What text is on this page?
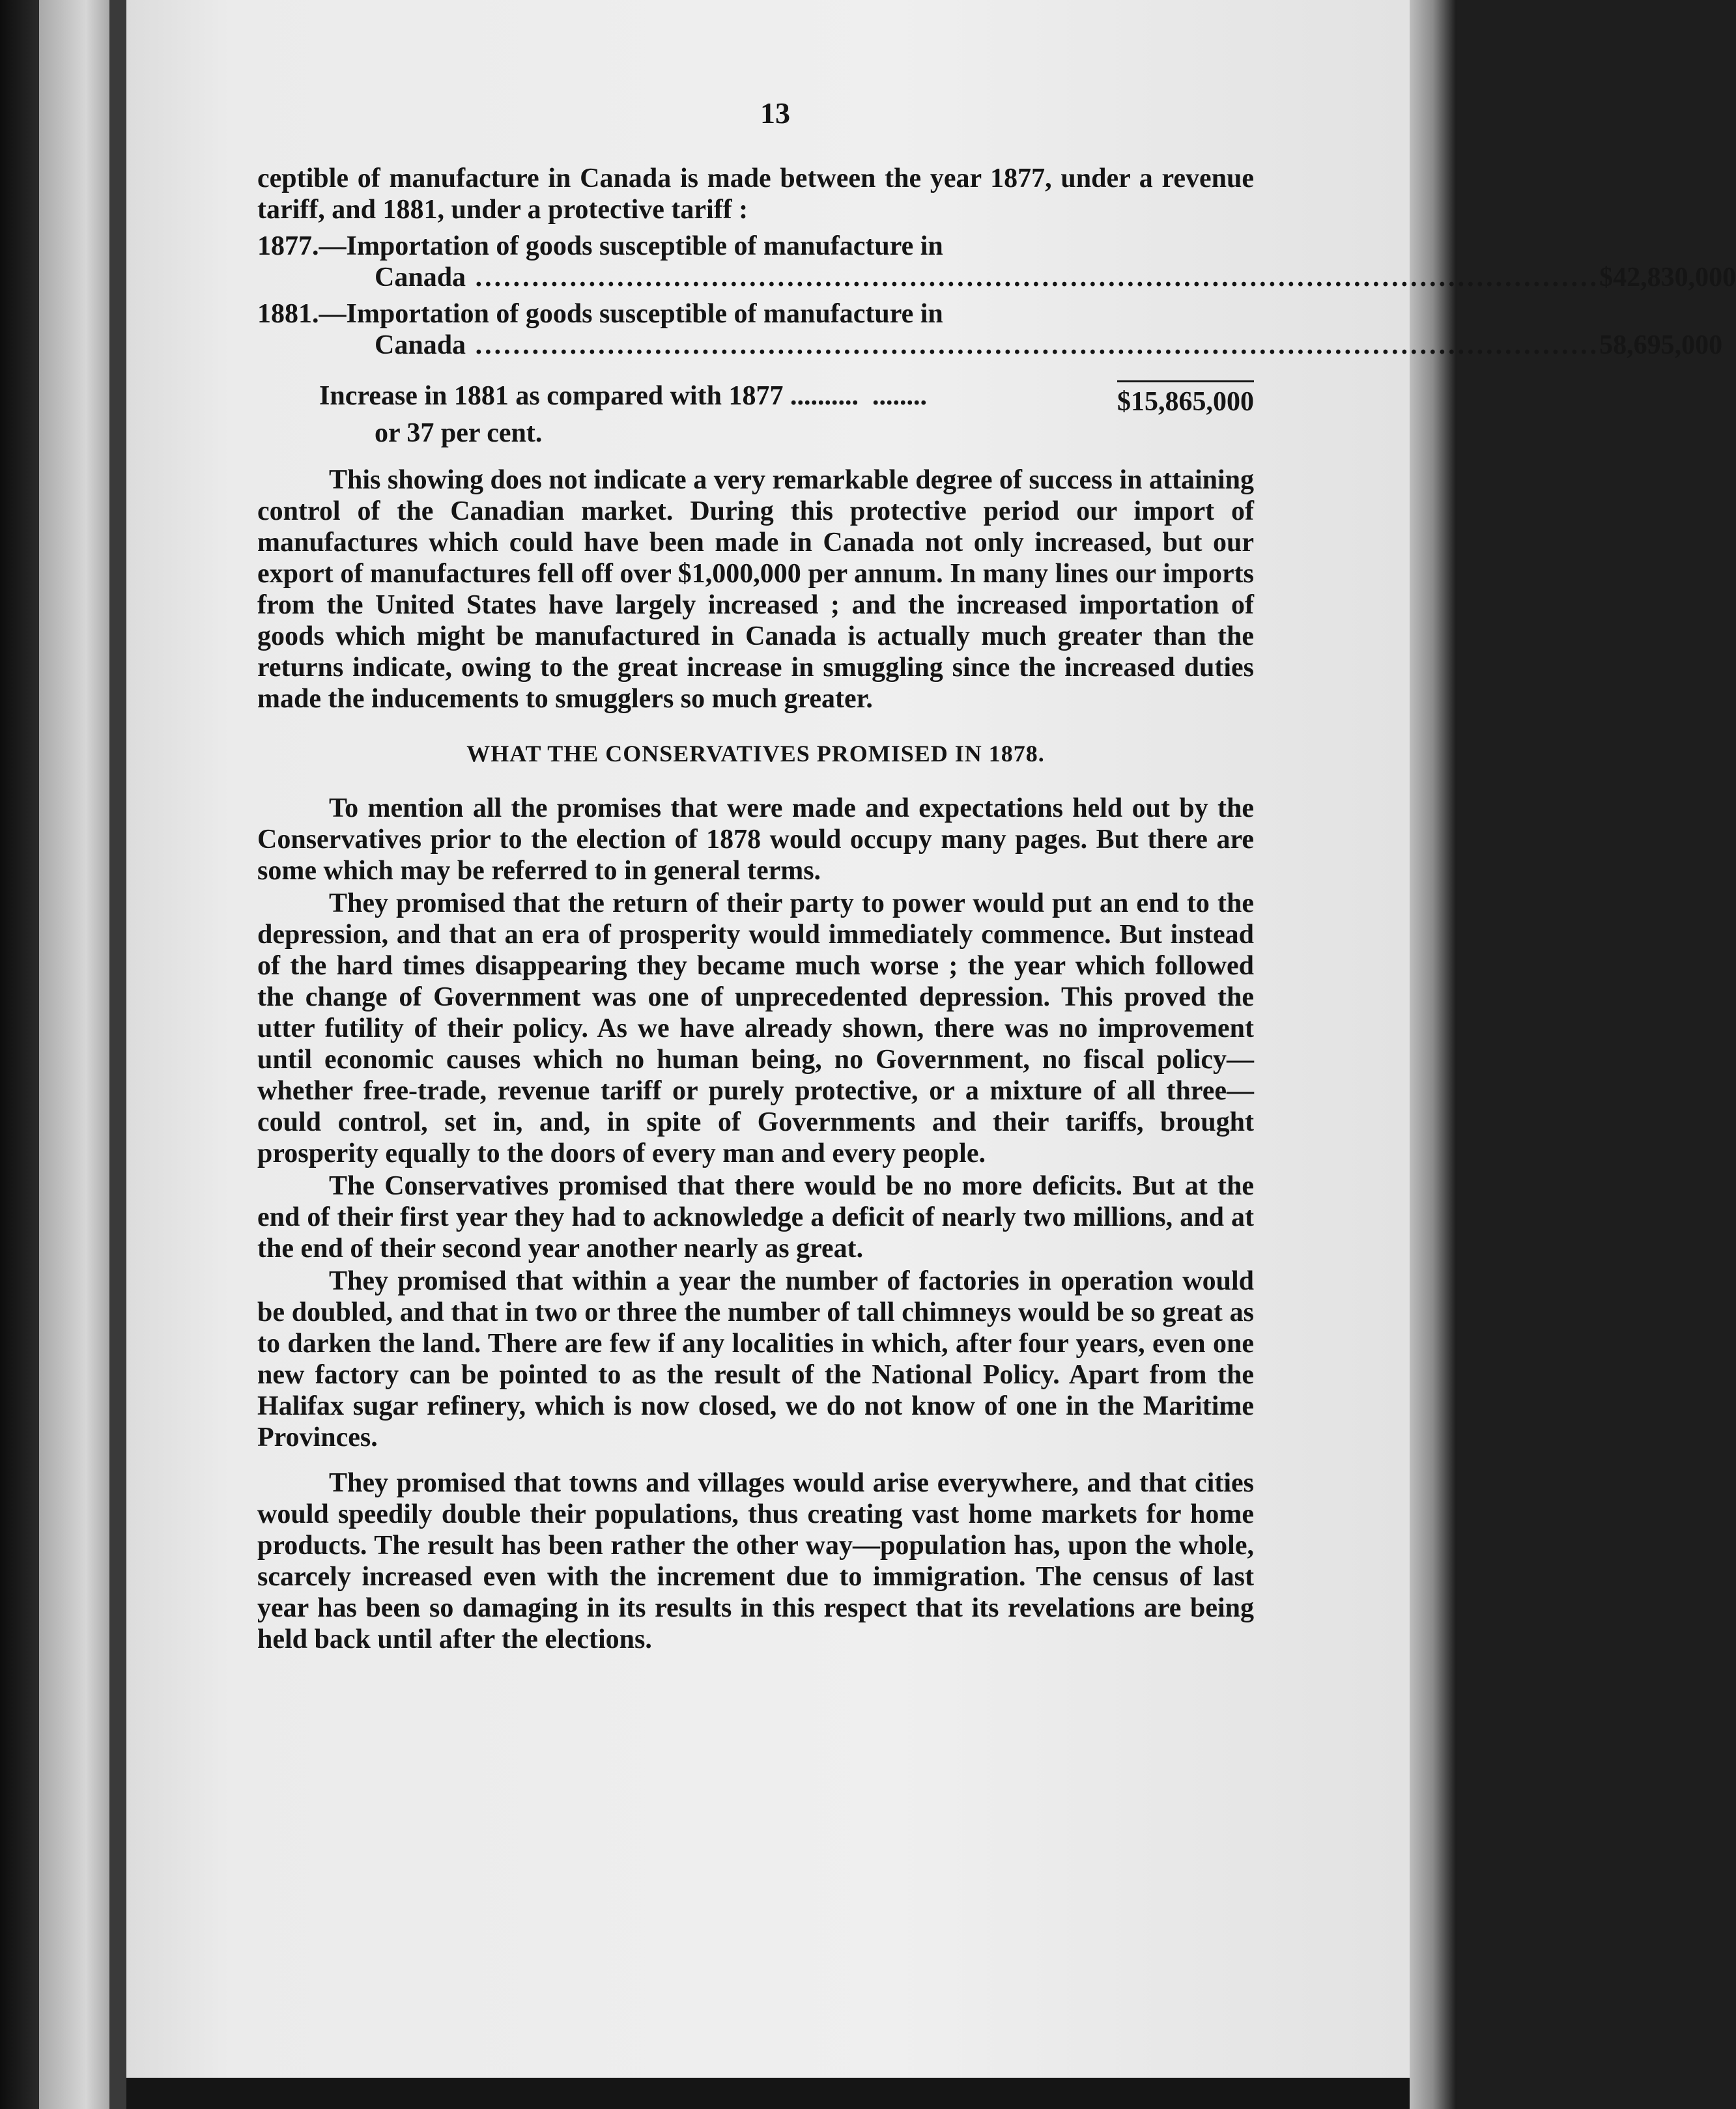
13

ceptible of manufacture in Canada is made between the year 1877, under a revenue tariff, and 1881, under a protective tariff :

1877. —Importation of goods susceptible of manufacture in
Canada ....................................................................................................................... $42,830,000
1881. —Importation of goods susceptible of manufacture in
Canada ....................................................................................................................... 58,695,000
Increase in 1881 as compared with 1877 ..........  ........	$15,865,000
or 37 per cent.

This showing does not indicate a very remarkable degree of success in attaining control of the Canadian market. During this protective period our import of manufactures which could have been made in Canada not only increased, but our export of manufactures fell off over $1,000,000 per annum. In many lines our imports from the United States have largely increased ; and the increased importation of goods which might be manufactured in Canada is actually much greater than the returns indicate, owing to the great increase in smuggling since the increased duties made the inducements to smugglers so much greater.

WHAT THE CONSERVATIVES PROMISED IN 1878.

To mention all the promises that were made and expectations held out by the Conservatives prior to the election of 1878 would occupy many pages. But there are some which may be referred to in general terms.

They promised that the return of their party to power would put an end to the depression, and that an era of prosperity would immediately commence. But instead of the hard times disappearing they became much worse ; the year which followed the change of Government was one of unprecedented depression. This proved the utter futility of their policy. As we have already shown, there was no improvement until economic causes which no human being, no Government, no fiscal policy—whether free-trade, revenue tariff or purely protective, or a mixture of all three—could control, set in, and, in spite of Governments and their tariffs, brought prosperity equally to the doors of every man and every people.

The Conservatives promised that there would be no more deficits. But at the end of their first year they had to acknowledge a deficit of nearly two millions, and at the end of their second year another nearly as great.

They promised that within a year the number of factories in operation would be doubled, and that in two or three the number of tall chimneys would be so great as to darken the land. There are few if any localities in which, after four years, even one new factory can be pointed to as the result of the National Policy. Apart from the Halifax sugar refinery, which is now closed, we do not know of one in the Maritime Provinces.

They promised that towns and villages would arise everywhere, and that cities would speedily double their populations, thus creating vast home markets for home products. The result has been rather the other way—population has, upon the whole, scarcely increased even with the increment due to immigration. The census of last year has been so damaging in its results in this respect that its revelations are being held back until after the elections.
